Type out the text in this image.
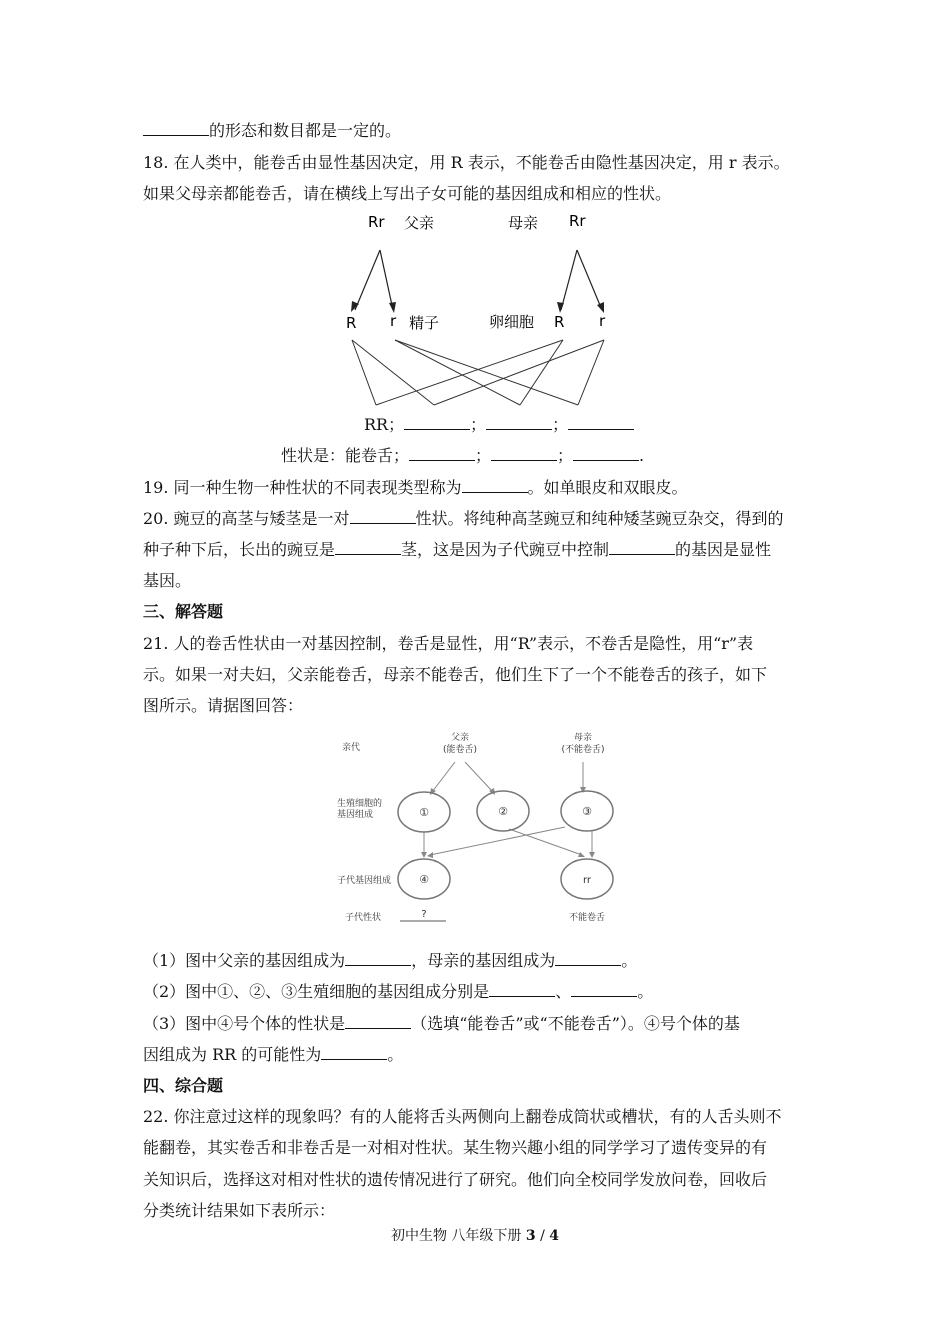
的形态和数目都是一定的。
18. 在人类中，能卷舌由显性基因决定，用 R 表示，不能卷舌由隐性基因决定，用 r 表示。
如果父母亲都能卷舌，请在横线上写出子女可能的基因组成和相应的性状。
Rr 父亲	母亲 Rr
R r 精子	卵细胞 R r
RR；	；	；
性状是：能卷舌；	；	；	.
19. 同一种生物一种性状的不同表现类型称为	。如单眼皮和双眼皮。
20. 豌豆的高茎与矮茎是一对	性状。将纯种高茎豌豆和纯种矮茎豌豆杂交，得到的
种子种下后，长出的豌豆是	茎，这是因为子代豌豆中控制	的基因是显性
基因。
三、解答题
21. 人的卷舌性状由一对基因控制，卷舌是显性，用“R”表示，不卷舌是隐性，用“r”表
示。如果一对夫妇，父亲能卷舌，母亲不能卷舌，他们生下了一个不能卷舌的孩子，如下
图所示。请据图回答：
亲代
父亲
(能卷舌)
母亲
(不能卷舌)
生殖细胞的
基因组成	①	②	③
子代基因组成	④	rr
子代性状	?	不能卷舌
（1）图中父亲的基因组成为	，母亲的基因组成为	。
（2）图中①、②、③生殖细胞的基因组成分别是	、	。
（3）图中④号个体的性状是	（选填“能卷舌”或“不能卷舌”）。④号个体的基
因组成为 RR 的可能性为	。
四、综合题
22. 你注意过这样的现象吗？有的人能将舌头两侧向上翻卷成筒状或槽状，有的人舌头则不
能翻卷，其实卷舌和非卷舌是一对相对性状。某生物兴趣小组的同学学习了遗传变异的有
关知识后，选择这对相对性状的遗传情况进行了研究。他们向全校同学发放问卷，回收后
分类统计结果如下表所示：
初中生物 八年级下册 3 / 4
